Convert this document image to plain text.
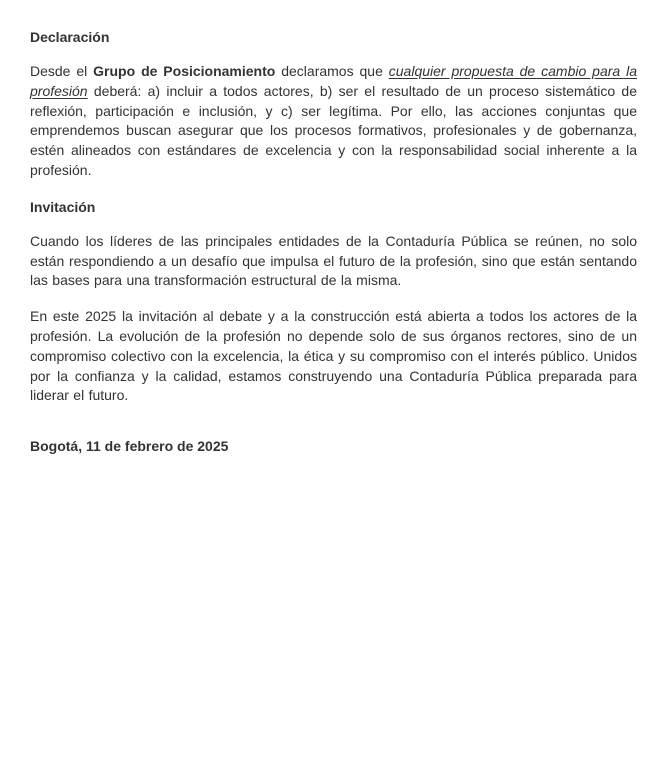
Declaración

Desde el Grupo de Posicionamiento declaramos que cualquier propuesta de cambio para la profesión deberá: a) incluir a todos actores, b) ser el resultado de un proceso sistemático de reflexión, participación e inclusión, y c) ser legítima. Por ello, las acciones conjuntas que emprendemos buscan asegurar que los procesos formativos, profesionales y de gobernanza, estén alineados con estándares de excelencia y con la responsabilidad social inherente a la profesión.

Invitación

Cuando los líderes de las principales entidades de la Contaduría Pública se reúnen, no solo están respondiendo a un desafío que impulsa el futuro de la profesión, sino que están sentando las bases para una transformación estructural de la misma.

En este 2025 la invitación al debate y a la construcción está abierta a todos los actores de la profesión. La evolución de la profesión no depende solo de sus órganos rectores, sino de un compromiso colectivo con la excelencia, la ética y su compromiso con el interés público. Unidos por la confianza y la calidad, estamos construyendo una Contaduría Pública preparada para liderar el futuro.

Bogotá, 11 de febrero de 2025
